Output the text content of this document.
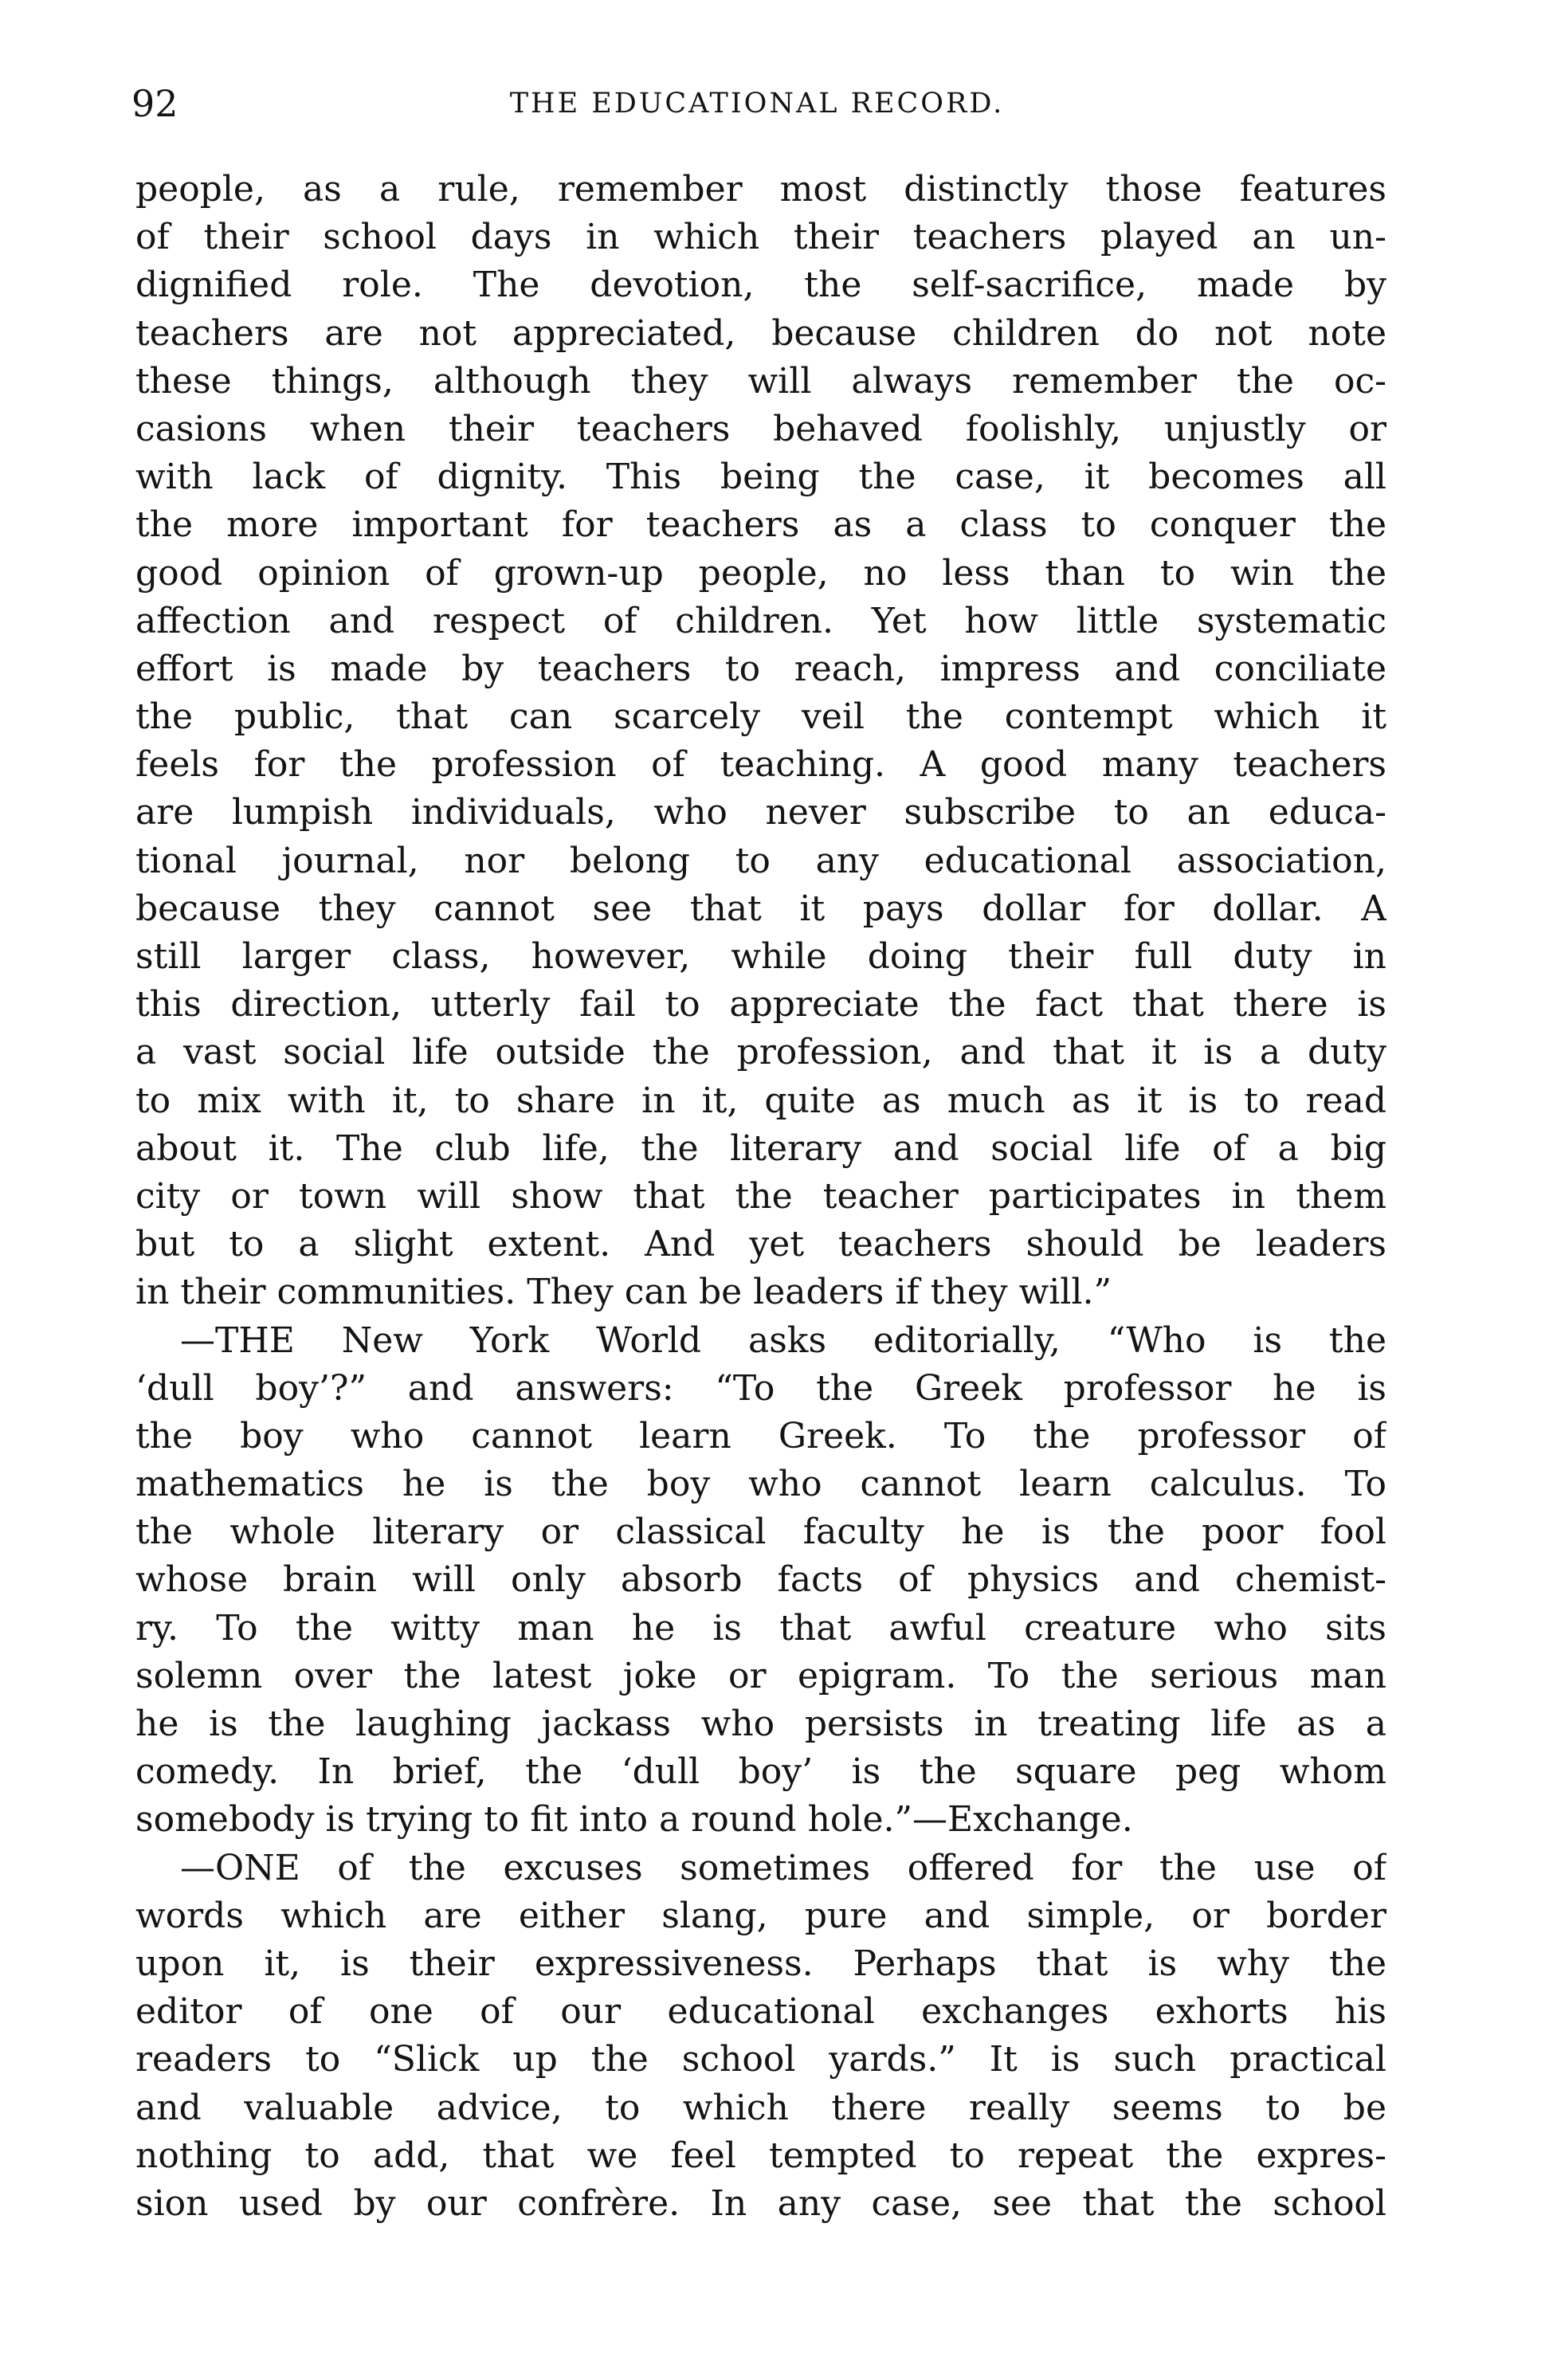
92	THE EDUCATIONAL RECORD.
people, as a rule, remember most distinctly those features
of their school days in which their teachers played an un-
dignified role. The devotion, the self-sacrifice, made by
teachers are not appreciated, because children do not note
these things, although they will always remember the oc-
casions when their teachers behaved foolishly, unjustly or
with lack of dignity. This being the case, it becomes all
the more important for teachers as a class to conquer the
good opinion of grown-up people, no less than to win the
affection and respect of children. Yet how little systematic
effort is made by teachers to reach, impress and conciliate
the public, that can scarcely veil the contempt which it
feels for the profession of teaching. A good many teachers
are lumpish individuals, who never subscribe to an educa-
tional journal, nor belong to any educational association,
because they cannot see that it pays dollar for dollar. A
still larger class, however, while doing their full duty in
this direction, utterly fail to appreciate the fact that there is
a vast social life outside the profession, and that it is a duty
to mix with it, to share in it, quite as much as it is to read
about it. The club life, the literary and social life of a big
city or town will show that the teacher participates in them
but to a slight extent. And yet teachers should be leaders
in their communities. They can be leaders if they will.”
—THE New York World asks editorially, “Who is the
‘dull boy’?” and answers: “To the Greek professor he is
the boy who cannot learn Greek. To the professor of
mathematics he is the boy who cannot learn calculus. To
the whole literary or classical faculty he is the poor fool
whose brain will only absorb facts of physics and chemist-
ry. To the witty man he is that awful creature who sits
solemn over the latest joke or epigram. To the serious man
he is the laughing jackass who persists in treating life as a
comedy. In brief, the ‘dull boy’ is the square peg whom
somebody is trying to fit into a round hole.”—Exchange.
—ONE of the excuses sometimes offered for the use of
words which are either slang, pure and simple, or border
upon it, is their expressiveness. Perhaps that is why the
editor of one of our educational exchanges exhorts his
readers to “Slick up the school yards.” It is such practical
and valuable advice, to which there really seems to be
nothing to add, that we feel tempted to repeat the expres-
sion used by our confrère. In any case, see that the school
